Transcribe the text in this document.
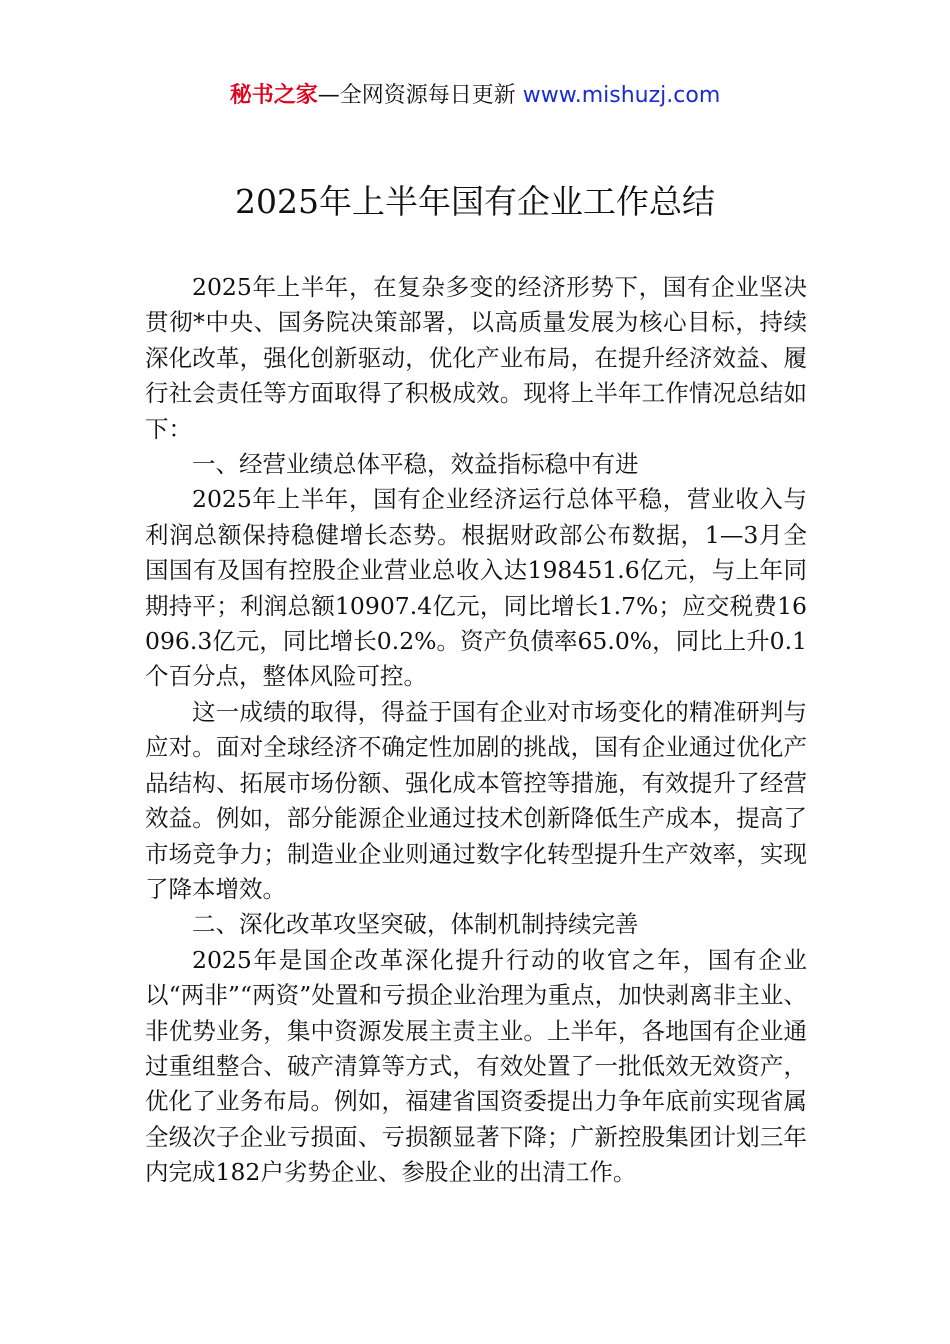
秘书之家—全网资源每日更新 www.mishuzj.com
2025年上半年国有企业工作总结

2025年上半年，在复杂多变的经济形势下，国有企业坚决贯彻*中央、国务院决策部署，以高质量发展为核心目标，持续深化改革，强化创新驱动，优化产业布局，在提升经济效益、履行社会责任等方面取得了积极成效。现将上半年工作情况总结如下：

一、经营业绩总体平稳，效益指标稳中有进

2025年上半年，国有企业经济运行总体平稳，营业收入与利润总额保持稳健增长态势。根据财政部公布数据，1—3月全国国有及国有控股企业营业总收入达198451.6亿元，与上年同期持平；利润总额10907.4亿元，同比增长1.7%；应交税费16096.3亿元，同比增长0.2%。资产负债率65.0%，同比上升0.1个百分点，整体风险可控。

这一成绩的取得，得益于国有企业对市场变化的精准研判与应对。面对全球经济不确定性加剧的挑战，国有企业通过优化产品结构、拓展市场份额、强化成本管控等措施，有效提升了经营效益。例如，部分能源企业通过技术创新降低生产成本，提高了市场竞争力；制造业企业则通过数字化转型提升生产效率，实现了降本增效。

二、深化改革攻坚突破，体制机制持续完善

2025年是国企改革深化提升行动的收官之年，国有企业以“两非”“两资”处置和亏损企业治理为重点，加快剥离非主业、非优势业务，集中资源发展主责主业。上半年，各地国有企业通过重组整合、破产清算等方式，有效处置了一批低效无效资产，优化了业务布局。例如，福建省国资委提出力争年底前实现省属全级次子企业亏损面、亏损额显著下降；广新控股集团计划三年内完成182户劣势企业、参股企业的出清工作。
